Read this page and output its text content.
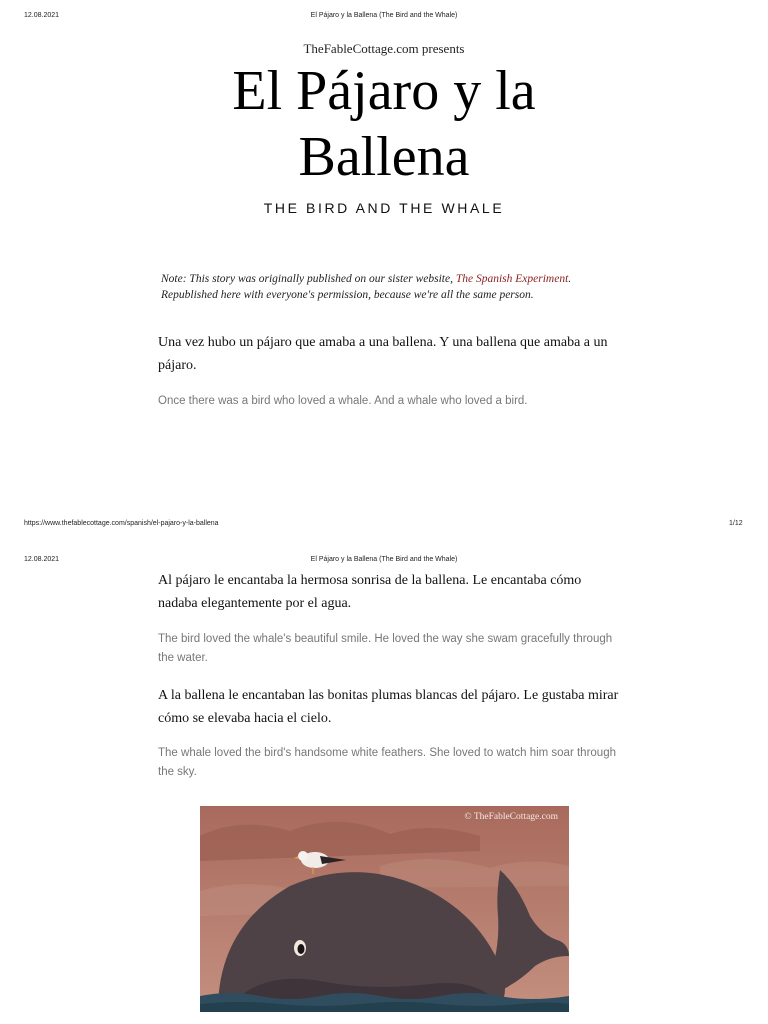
12.08.2021	El Pájaro y la Ballena (The Bird and the Whale)
TheFableCottage.com presents
El Pájaro y la
Ballena
THE BIRD AND THE WHALE
Note: This story was originally published on our sister website, The Spanish Experiment.
Republished here with everyone's permission, because we're all the same person.
Una vez hubo un pájaro que amaba a una ballena. Y una ballena que amaba a un pájaro.
Once there was a bird who loved a whale. And a whale who loved a bird.
https://www.thefablecottage.com/spanish/el-pajaro-y-la-ballena	1/12
12.08.2021	El Pájaro y la Ballena (The Bird and the Whale)
Al pájaro le encantaba la hermosa sonrisa de la ballena. Le encantaba cómo nadaba elegantemente por el agua.
The bird loved the whale's beautiful smile. He loved the way she swam gracefully through the water.
A la ballena le encantaban las bonitas plumas blancas del pájaro. Le gustaba mirar cómo se elevaba hacia el cielo.
The whale loved the bird's handsome white feathers. She loved to watch him soar through the sky.
© TheFableCottage.com
